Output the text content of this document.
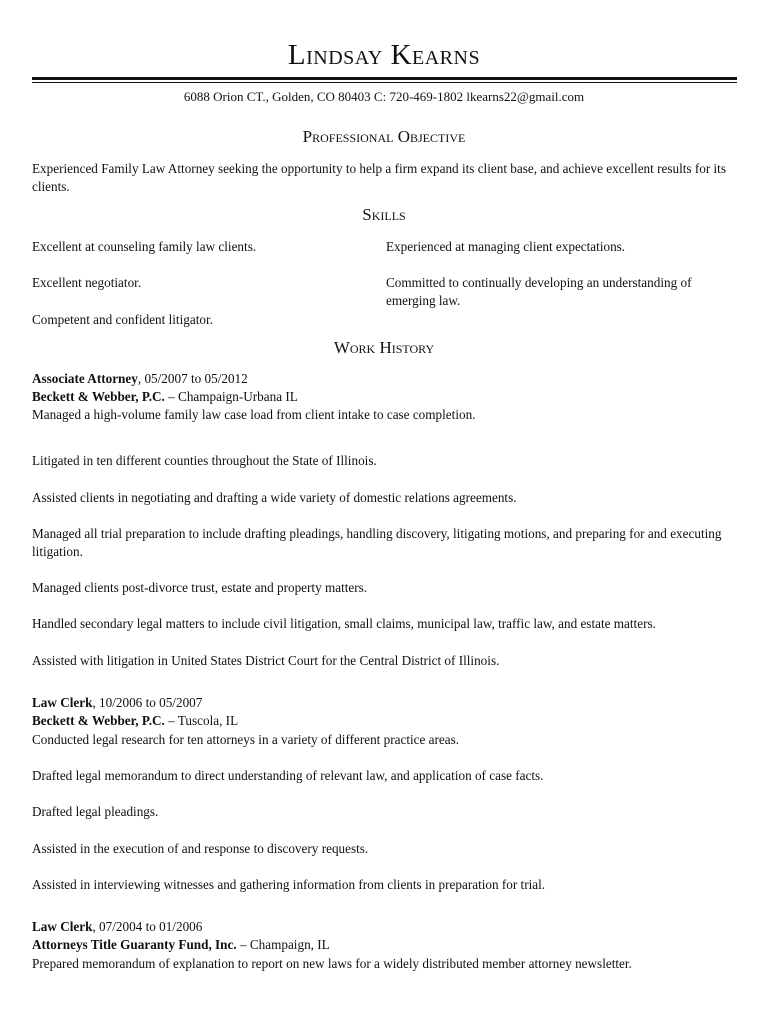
Lindsay Kearns
6088 Orion CT., Golden, CO 80403 C: 720-469-1802 lkearns22@gmail.com
Professional Objective
Experienced Family Law Attorney seeking the opportunity to help a firm expand its client base, and achieve excellent results for its clients.
Skills
Excellent at counseling family law clients.
Excellent negotiator.
Competent and confident litigator.
Experienced at managing client expectations.
Committed to continually developing an understanding of emerging law.
Work History
Associate Attorney, 05/2007 to 05/2012
Beckett & Webber, P.C. – Champaign-Urbana IL
Managed a high-volume family law case load from client intake to case completion.
Litigated in ten different counties throughout the State of Illinois.
Assisted clients in negotiating and drafting a wide variety of domestic relations agreements.
Managed all trial preparation to include drafting pleadings, handling discovery, litigating motions, and preparing for and executing litigation.
Managed clients post-divorce trust, estate and property matters.
Handled secondary legal matters to include civil litigation, small claims, municipal law, traffic law, and estate matters.
Assisted with litigation in United States District Court for the Central District of Illinois.
Law Clerk, 10/2006 to 05/2007
Beckett & Webber, P.C. – Tuscola, IL
Conducted legal research for ten attorneys in a variety of different practice areas.
Drafted legal memorandum to direct understanding of relevant law, and application of case facts.
Drafted legal pleadings.
Assisted in the execution of and response to discovery requests.
Assisted in interviewing witnesses and gathering information from clients in preparation for trial.
Law Clerk, 07/2004 to 01/2006
Attorneys Title Guaranty Fund, Inc. – Champaign, IL
Prepared memorandum of explanation to report on new laws for a widely distributed member attorney newsletter.
